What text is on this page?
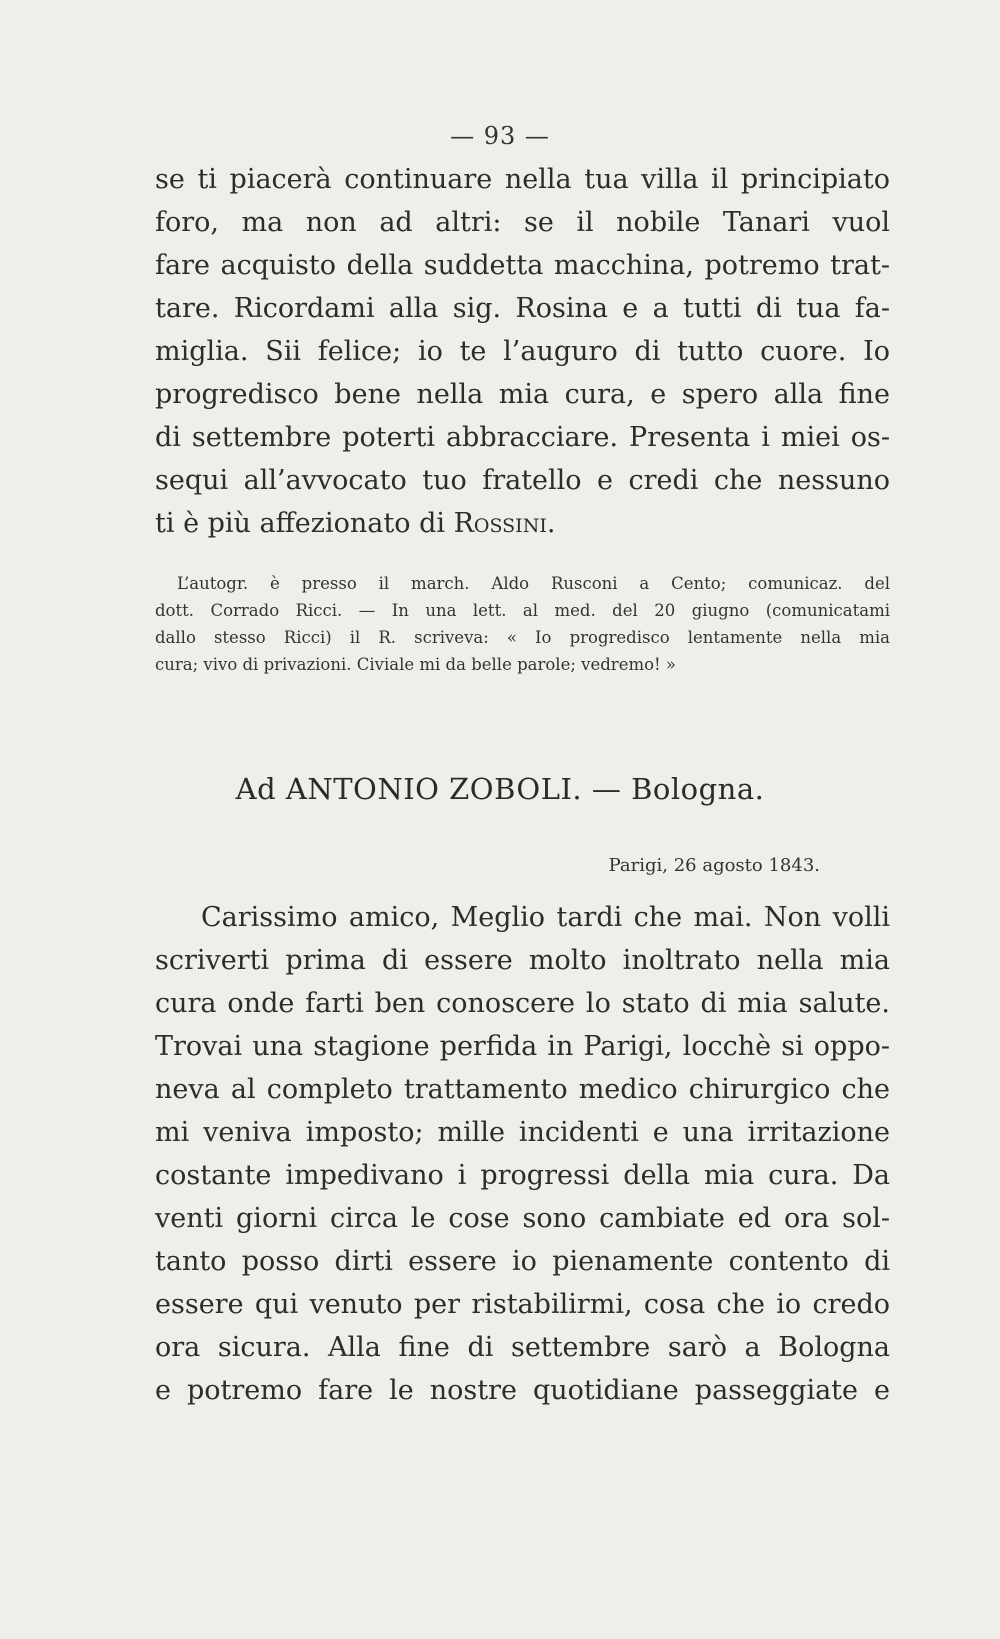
— 93 —
se ti piacerà continuare nella tua villa il principiato
foro, ma non ad altri: se il nobile Tanari vuol
fare acquisto della suddetta macchina, potremo trat-
tare. Ricordami alla sig. Rosina e a tutti di tua fa-
miglia. Sii felice; io te l’auguro di tutto cuore. Io
progredisco bene nella mia cura, e spero alla fine
di settembre poterti abbracciare. Presenta i miei os-
sequi all’avvocato tuo fratello e credi che nessuno
ti è più affezionato di Rossini.
L’autogr. è presso il march. Aldo Rusconi a Cento; comunicaz. del
dott. Corrado Ricci. — In una lett. al med. del 20 giugno (comunicatami
dallo stesso Ricci) il R. scriveva: « Io progredisco lentamente nella mia
cura; vivo di privazioni. Civiale mi da belle parole; vedremo! »
Ad ANTONIO ZOBOLI. — Bologna.
Parigi, 26 agosto 1843.
Carissimo amico, Meglio tardi che mai. Non volli
scriverti prima di essere molto inoltrato nella mia
cura onde farti ben conoscere lo stato di mia salute.
Trovai una stagione perfida in Parigi, locchè si oppo-
neva al completo trattamento medico chirurgico che
mi veniva imposto; mille incidenti e una irritazione
costante impedivano i progressi della mia cura. Da
venti giorni circa le cose sono cambiate ed ora sol-
tanto posso dirti essere io pienamente contento di
essere qui venuto per ristabilirmi, cosa che io credo
ora sicura. Alla fine di settembre sarò a Bologna
e potremo fare le nostre quotidiane passeggiate e
